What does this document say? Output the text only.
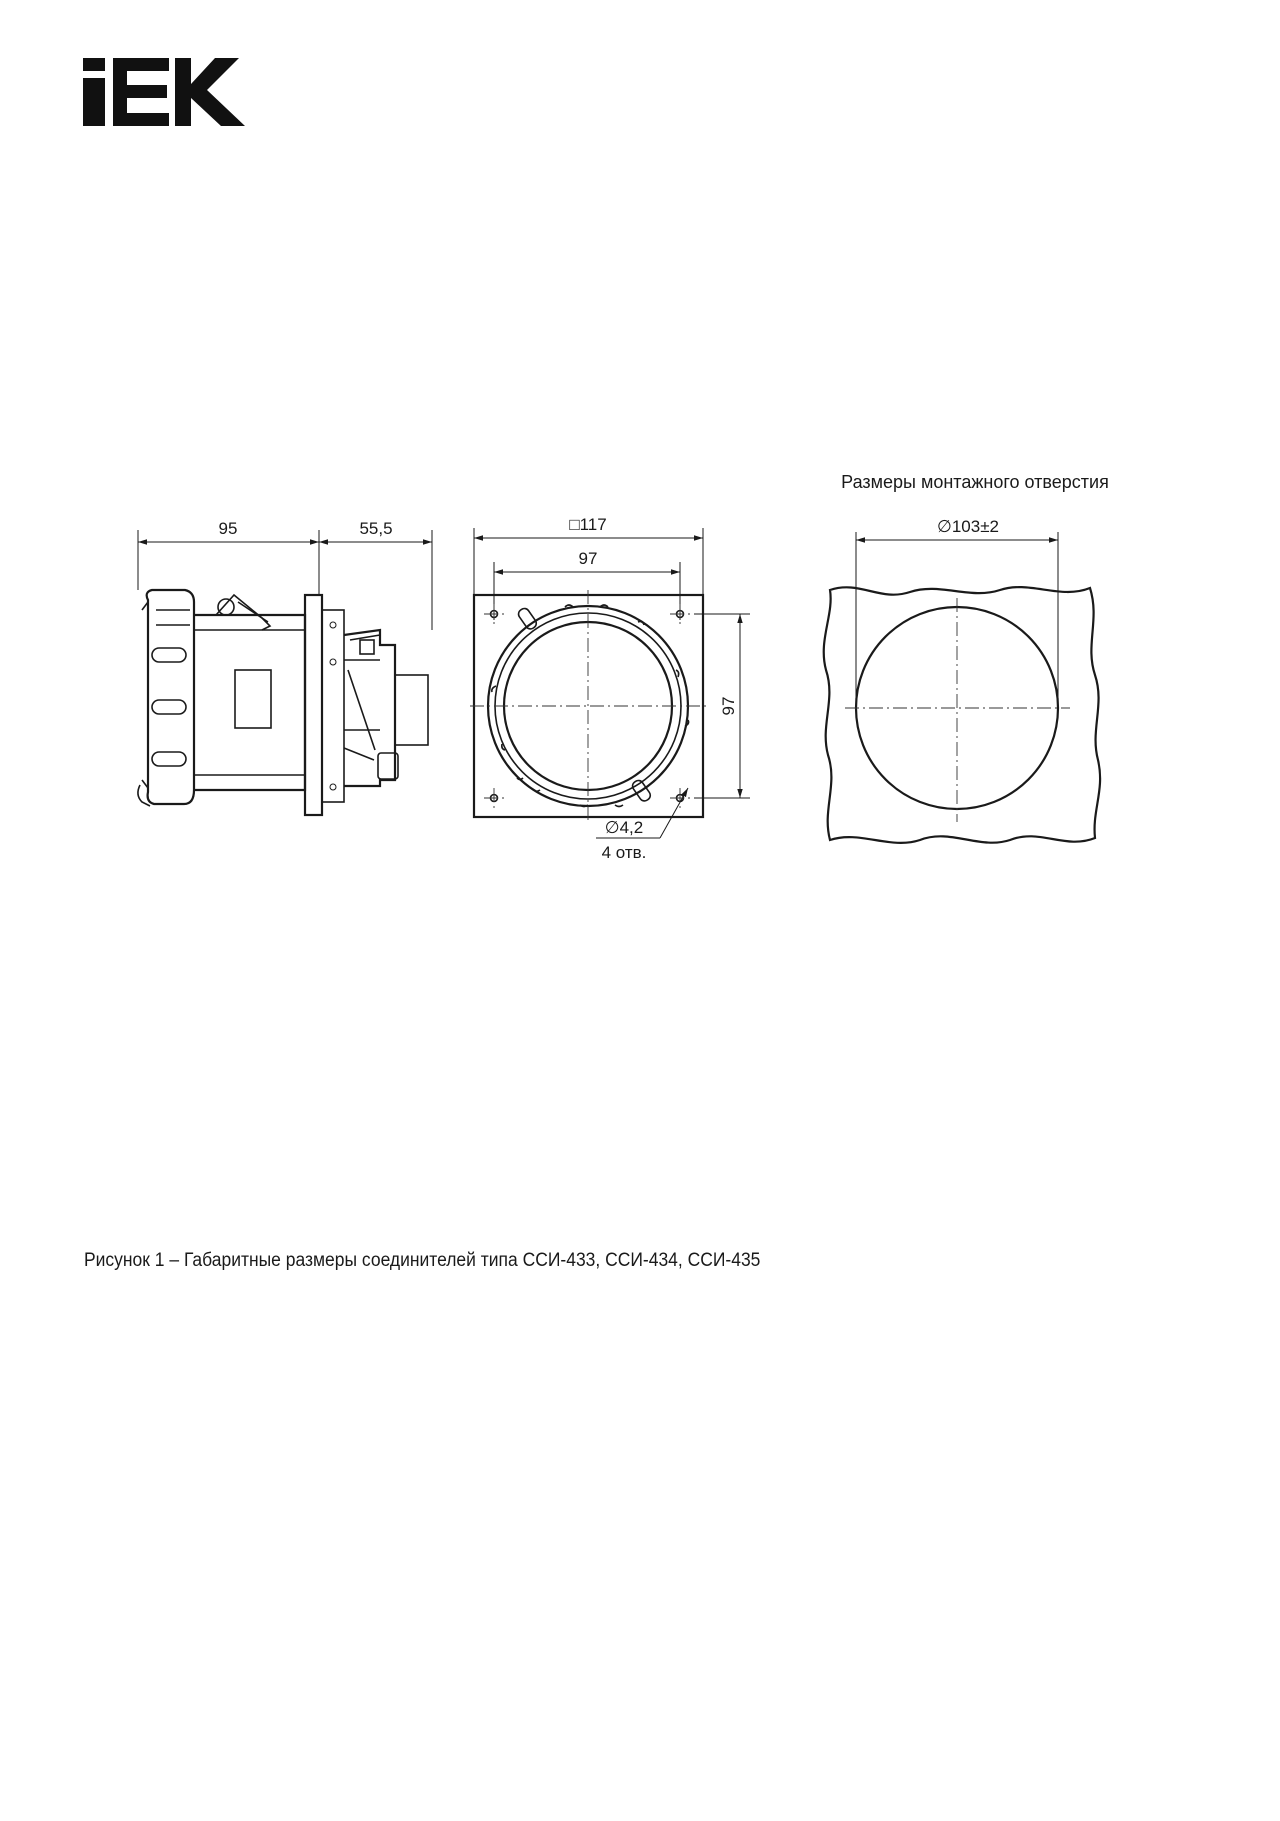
95	55,5
IEK
□117
97
97
∅4,2
4 отв.
Размеры монтажного отверстия
∅103±2
Рисунок 1 – Габаритные размеры соединителей типа ССИ-433, ССИ-434, ССИ-435
